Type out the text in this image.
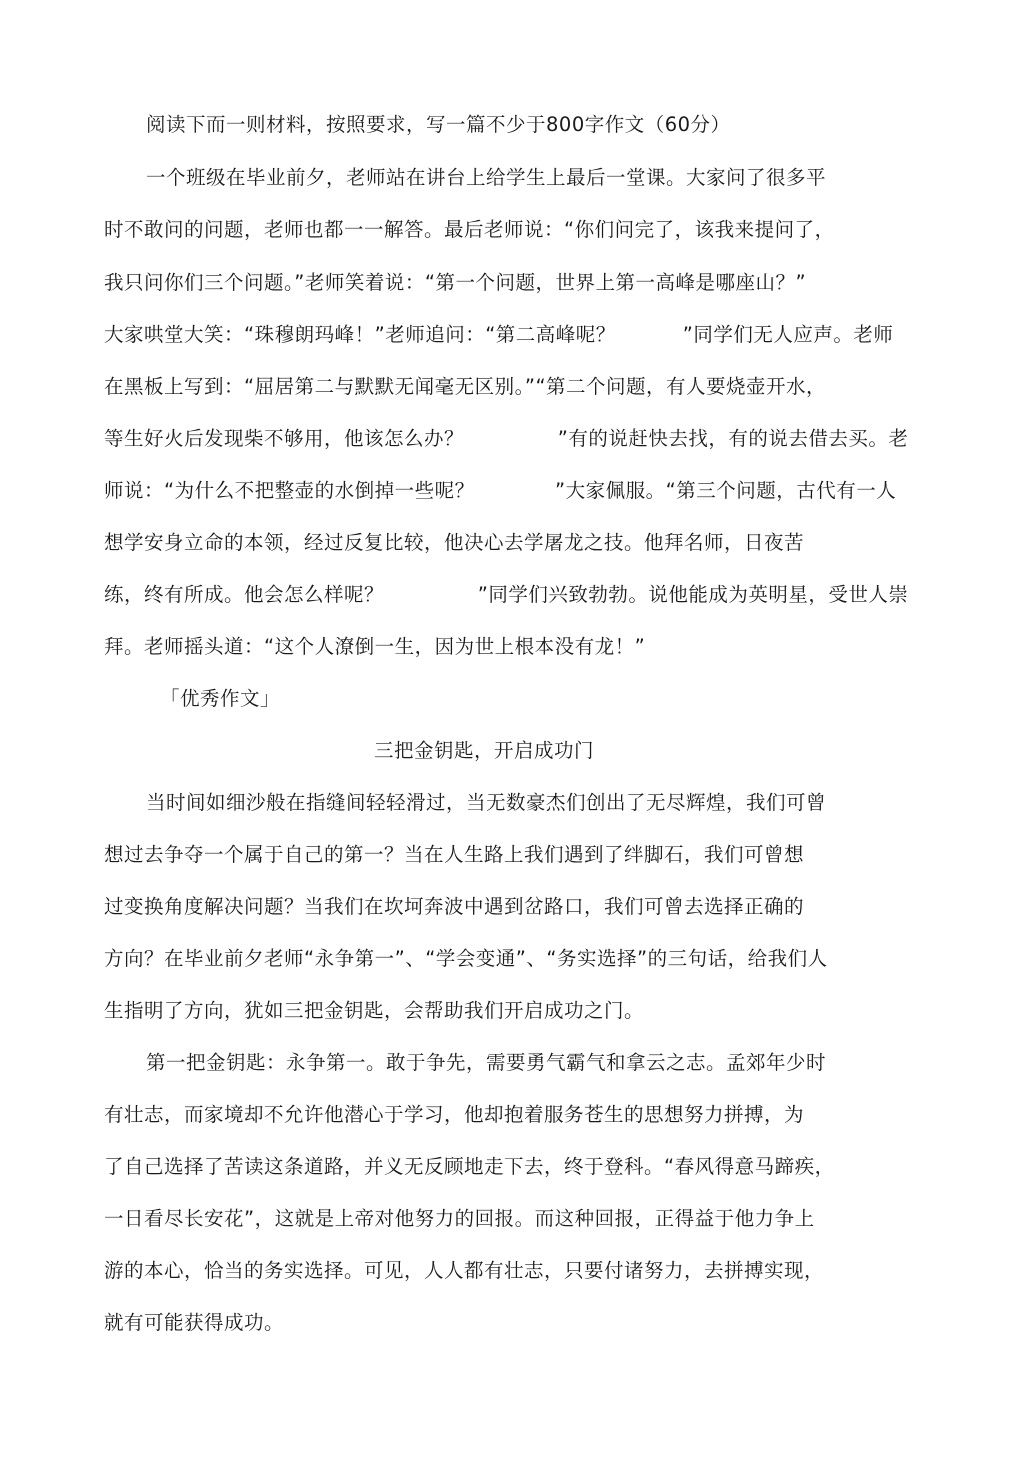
阅读下而一则材料，按照要求，写一篇不少于800字作文（60分）
一个班级在毕业前夕，老师站在讲台上给学生上最后一堂课。大家问了很多平
时不敢问的问题，老师也都一一解答。最后老师说：“你们问完了，该我来提问了，
我只问你们三个问题。”老师笑着说：“第一个问题，世界上第一高峰是哪座山？”
大家哄堂大笑：“珠穆朗玛峰！”老师追问：“第二高峰呢？          ”同学们无人应声。老师
在黑板上写到：“屈居第二与默默无闻毫无区别。”“第二个问题，有人要烧壶开水，
等生好火后发现柴不够用，他该怎么办？              ”有的说赶快去找，有的说去借去买。老
师说：“为什么不把整壶的水倒掉一些呢？            ”大家佩服。“第三个问题，古代有一人
想学安身立命的本领，经过反复比较，他决心去学屠龙之技。他拜名师，日夜苦
练，终有所成。他会怎么样呢？              ”同学们兴致勃勃。说他能成为英明星，受世人崇
拜。老师摇头道：“这个人潦倒一生，因为世上根本没有龙！”
「优秀作文」
三把金钥匙，开启成功门
当时间如细沙般在指缝间轻轻滑过，当无数豪杰们创出了无尽辉煌，我们可曾
想过去争夺一个属于自己的第一？当在人生路上我们遇到了绊脚石，我们可曾想
过变换角度解决问题？当我们在坎坷奔波中遇到岔路口，我们可曾去选择正确的
方向？在毕业前夕老师“永争第一”、“学会变通”、“务实选择”的三句话，给我们人
生指明了方向，犹如三把金钥匙，会帮助我们开启成功之门。
第一把金钥匙：永争第一。敢于争先，需要勇气霸气和拿云之志。孟郊年少时
有壮志，而家境却不允许他潜心于学习，他却抱着服务苍生的思想努力拼搏，为
了自己选择了苦读这条道路，并义无反顾地走下去，终于登科。“春风得意马蹄疾，
一日看尽长安花”，这就是上帝对他努力的回报。而这种回报，正得益于他力争上
游的本心，恰当的务实选择。可见，人人都有壮志，只要付诸努力，去拼搏实现，
就有可能获得成功。
